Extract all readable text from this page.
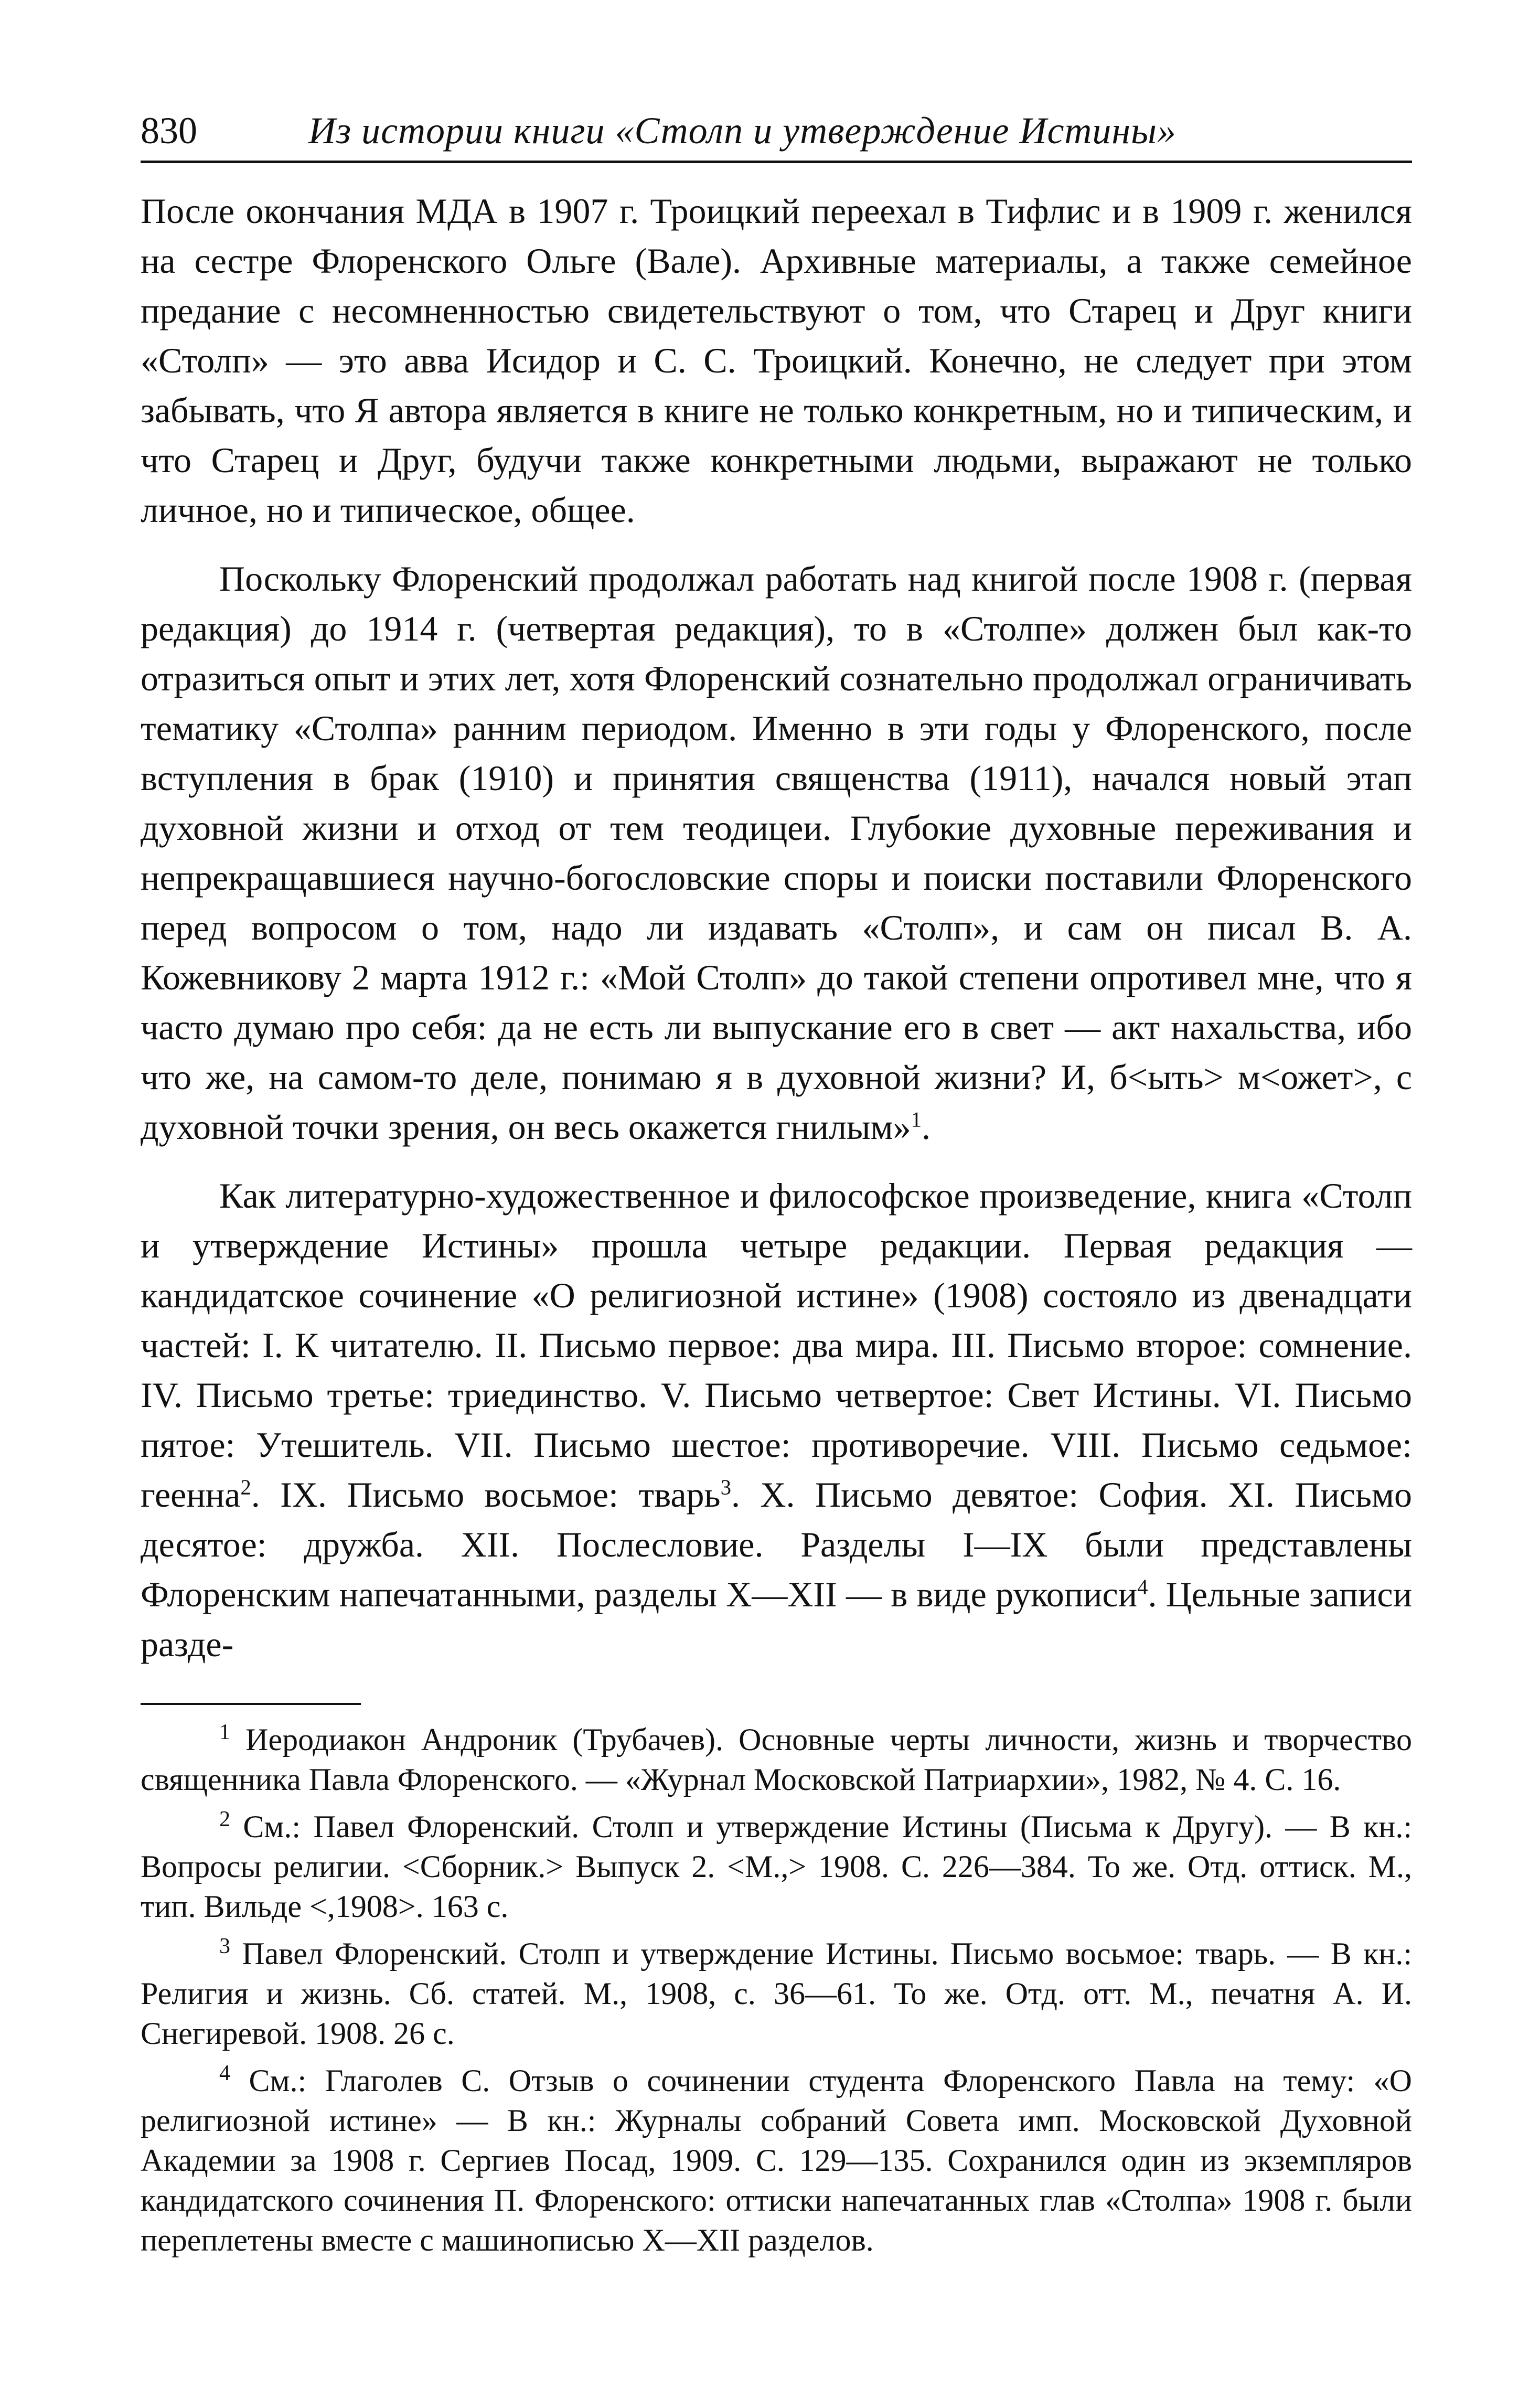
830	Из истории книги «Столп и утверждение Истины»

После окончания МДА в 1907 г. Троицкий переехал в Тифлис и в 1909 г. женился на сестре Флоренского Ольге (Вале). Архивные материалы, а также семейное предание с несомненностью свидетельствуют о том, что Старец и Друг книги «Столп» — это авва Исидор и С. С. Троицкий. Конечно, не следует при этом забывать, что Я автора является в книге не только конкретным, но и типическим, и что Старец и Друг, будучи также конкретными людьми, выражают не только личное, но и типическое, общее.

Поскольку Флоренский продолжал работать над книгой после 1908 г. (первая редакция) до 1914 г. (четвертая редакция), то в «Столпе» должен был как-то отразиться опыт и этих лет, хотя Флоренский сознательно продолжал ограничивать тематику «Столпа» ранним периодом. Именно в эти годы у Флоренского, после вступления в брак (1910) и принятия священства (1911), начался новый этап духовной жизни и отход от тем теодицеи. Глубокие духовные переживания и непрекращавшиеся научно-богословские споры и поиски поставили Флоренского перед вопросом о том, надо ли издавать «Столп», и сам он писал В. А. Кожевникову 2 марта 1912 г.: «Мой Столп» до такой степени опротивел мне, что я часто думаю про себя: да не есть ли выпускание его в свет — акт нахальства, ибо что же, на самом-то деле, понимаю я в духовной жизни? И, б<ыть> м<ожет>, с духовной точки зрения, он весь окажется гнилым»$^1$.

Как литературно-художественное и философское произведение, книга «Столп и утверждение Истины» прошла четыре редакции. Первая редакция — кандидатское сочинение «О религиозной истине» (1908) состояло из двенадцати частей: I. К читателю. II. Письмо первое: два мира. III. Письмо второе: сомнение. IV. Письмо третье: триединство. V. Письмо четвертое: Свет Истины. VI. Письмо пятое: Утешитель. VII. Письмо шестое: противоречие. VIII. Письмо седьмое: геенна$^2$. IX. Письмо восьмое: тварь$^3$. X. Письмо девятое: София. XI. Письмо десятое: дружба. XII. Послесловие. Разделы I—IX были представлены Флоренским напечатанными, разделы X—XII — в виде рукописи$^4$. Цельные записи разде-

$^1$ Иеродиакон Андроник (Трубачев). Основные черты личности, жизнь и творчество священника Павла Флоренского. — «Журнал Московской Патриархии», 1982, № 4. С. 16.

$^2$ См.: Павел Флоренский. Столп и утверждение Истины (Письма к Другу). — В кн.: Вопросы религии. <Сборник.> Выпуск 2. <М.,> 1908. С. 226—384. То же. Отд. оттиск. М., тип. Вильде <,1908>. 163 с.

$^3$ Павел Флоренский. Столп и утверждение Истины. Письмо восьмое: тварь. — В кн.: Религия и жизнь. Сб. статей. М., 1908, с. 36—61. То же. Отд. отт. М., печатня А. И. Снегиревой. 1908. 26 с.

$^4$ См.: Глаголев С. Отзыв о сочинении студента Флоренского Павла на тему: «О религиозной истине» — В кн.: Журналы собраний Совета имп. Московской Духовной Академии за 1908 г. Сергиев Посад, 1909. С. 129—135. Сохранился один из экземпляров кандидатского сочинения П. Флоренского: оттиски напечатанных глав «Столпа» 1908 г. были переплетены вместе с машинописью X—XII разделов.
